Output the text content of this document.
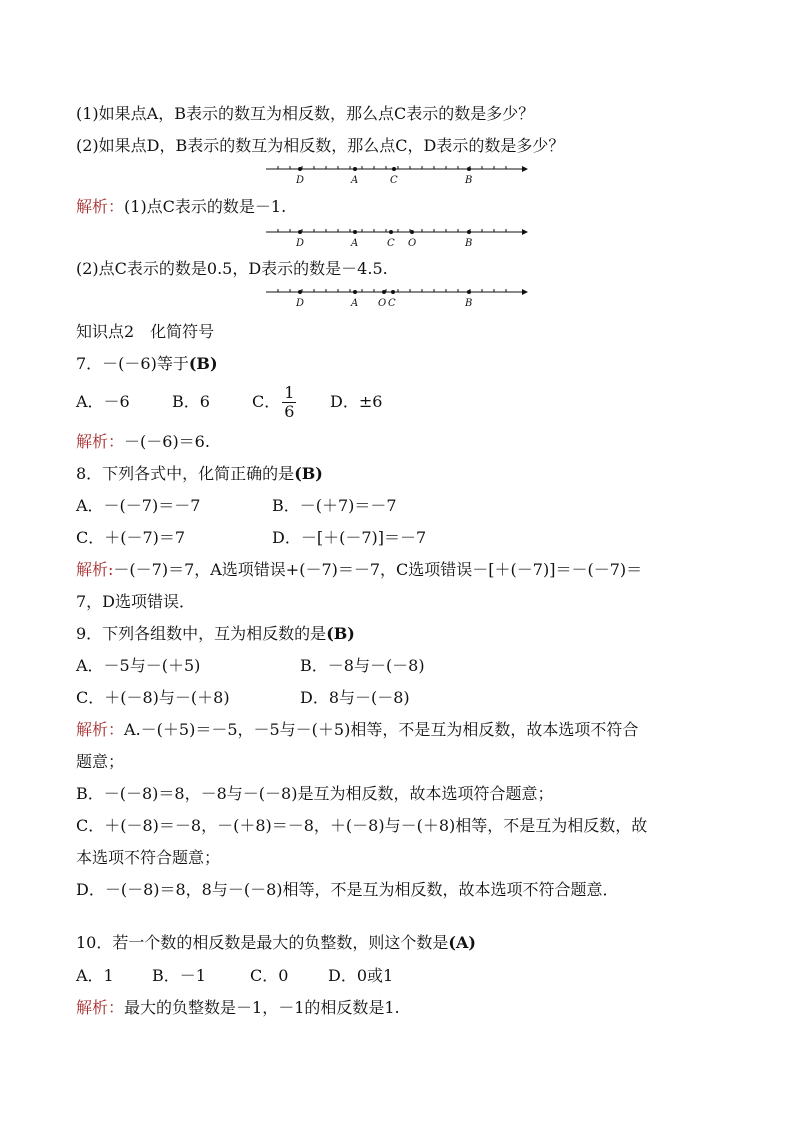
(1)如果点A，B表示的数互为相反数，那么点C表示的数是多少？
(2)如果点D，B表示的数互为相反数，那么点C，D表示的数是多少？
D	A	C	B
解析：(1)点C表示的数是－1.
D	A	C O	B
(2)点C表示的数是0.5，D表示的数是－4.5.
D	A O C	B
知识点2　化简符号
7．－(－6)等于(B)
A．－6	B．6	C． $\frac{1}{6}$ D．±6
解析：－(－6)＝6.
8．下列各式中，化简正确的是(B)
A．－(－7)＝－7	B．－(＋7)＝－7
C．＋(－7)＝7	D．－[＋(－7)]＝－7
解析:－(－7)＝7，A选项错误+(－7)＝－7，C选项错误－[＋(－7)]＝－(－7)＝
7，D选项错误．
9．下列各组数中，互为相反数的是(B)
A．－5与－(＋5)	B．－8与－(－8)
C．＋(－8)与－(＋8)	D．8与－(－8)
解析：A.－(＋5)＝－5，－5与－(＋5)相等，不是互为相反数，故本选项不符合
题意；
B．－(－8)＝8，－8与－(－8)是互为相反数，故本选项符合题意；
C．＋(－8)＝－8，－(＋8)＝－8，＋(－8)与－(＋8)相等，不是互为相反数，故
本选项不符合题意；
D．－(－8)＝8，8与－(－8)相等，不是互为相反数，故本选项不符合题意．
10．若一个数的相反数是最大的负整数，则这个数是(A)
A．1 B．－1	C．0 D．0或1
解析：最大的负整数是－1，－1的相反数是1.
